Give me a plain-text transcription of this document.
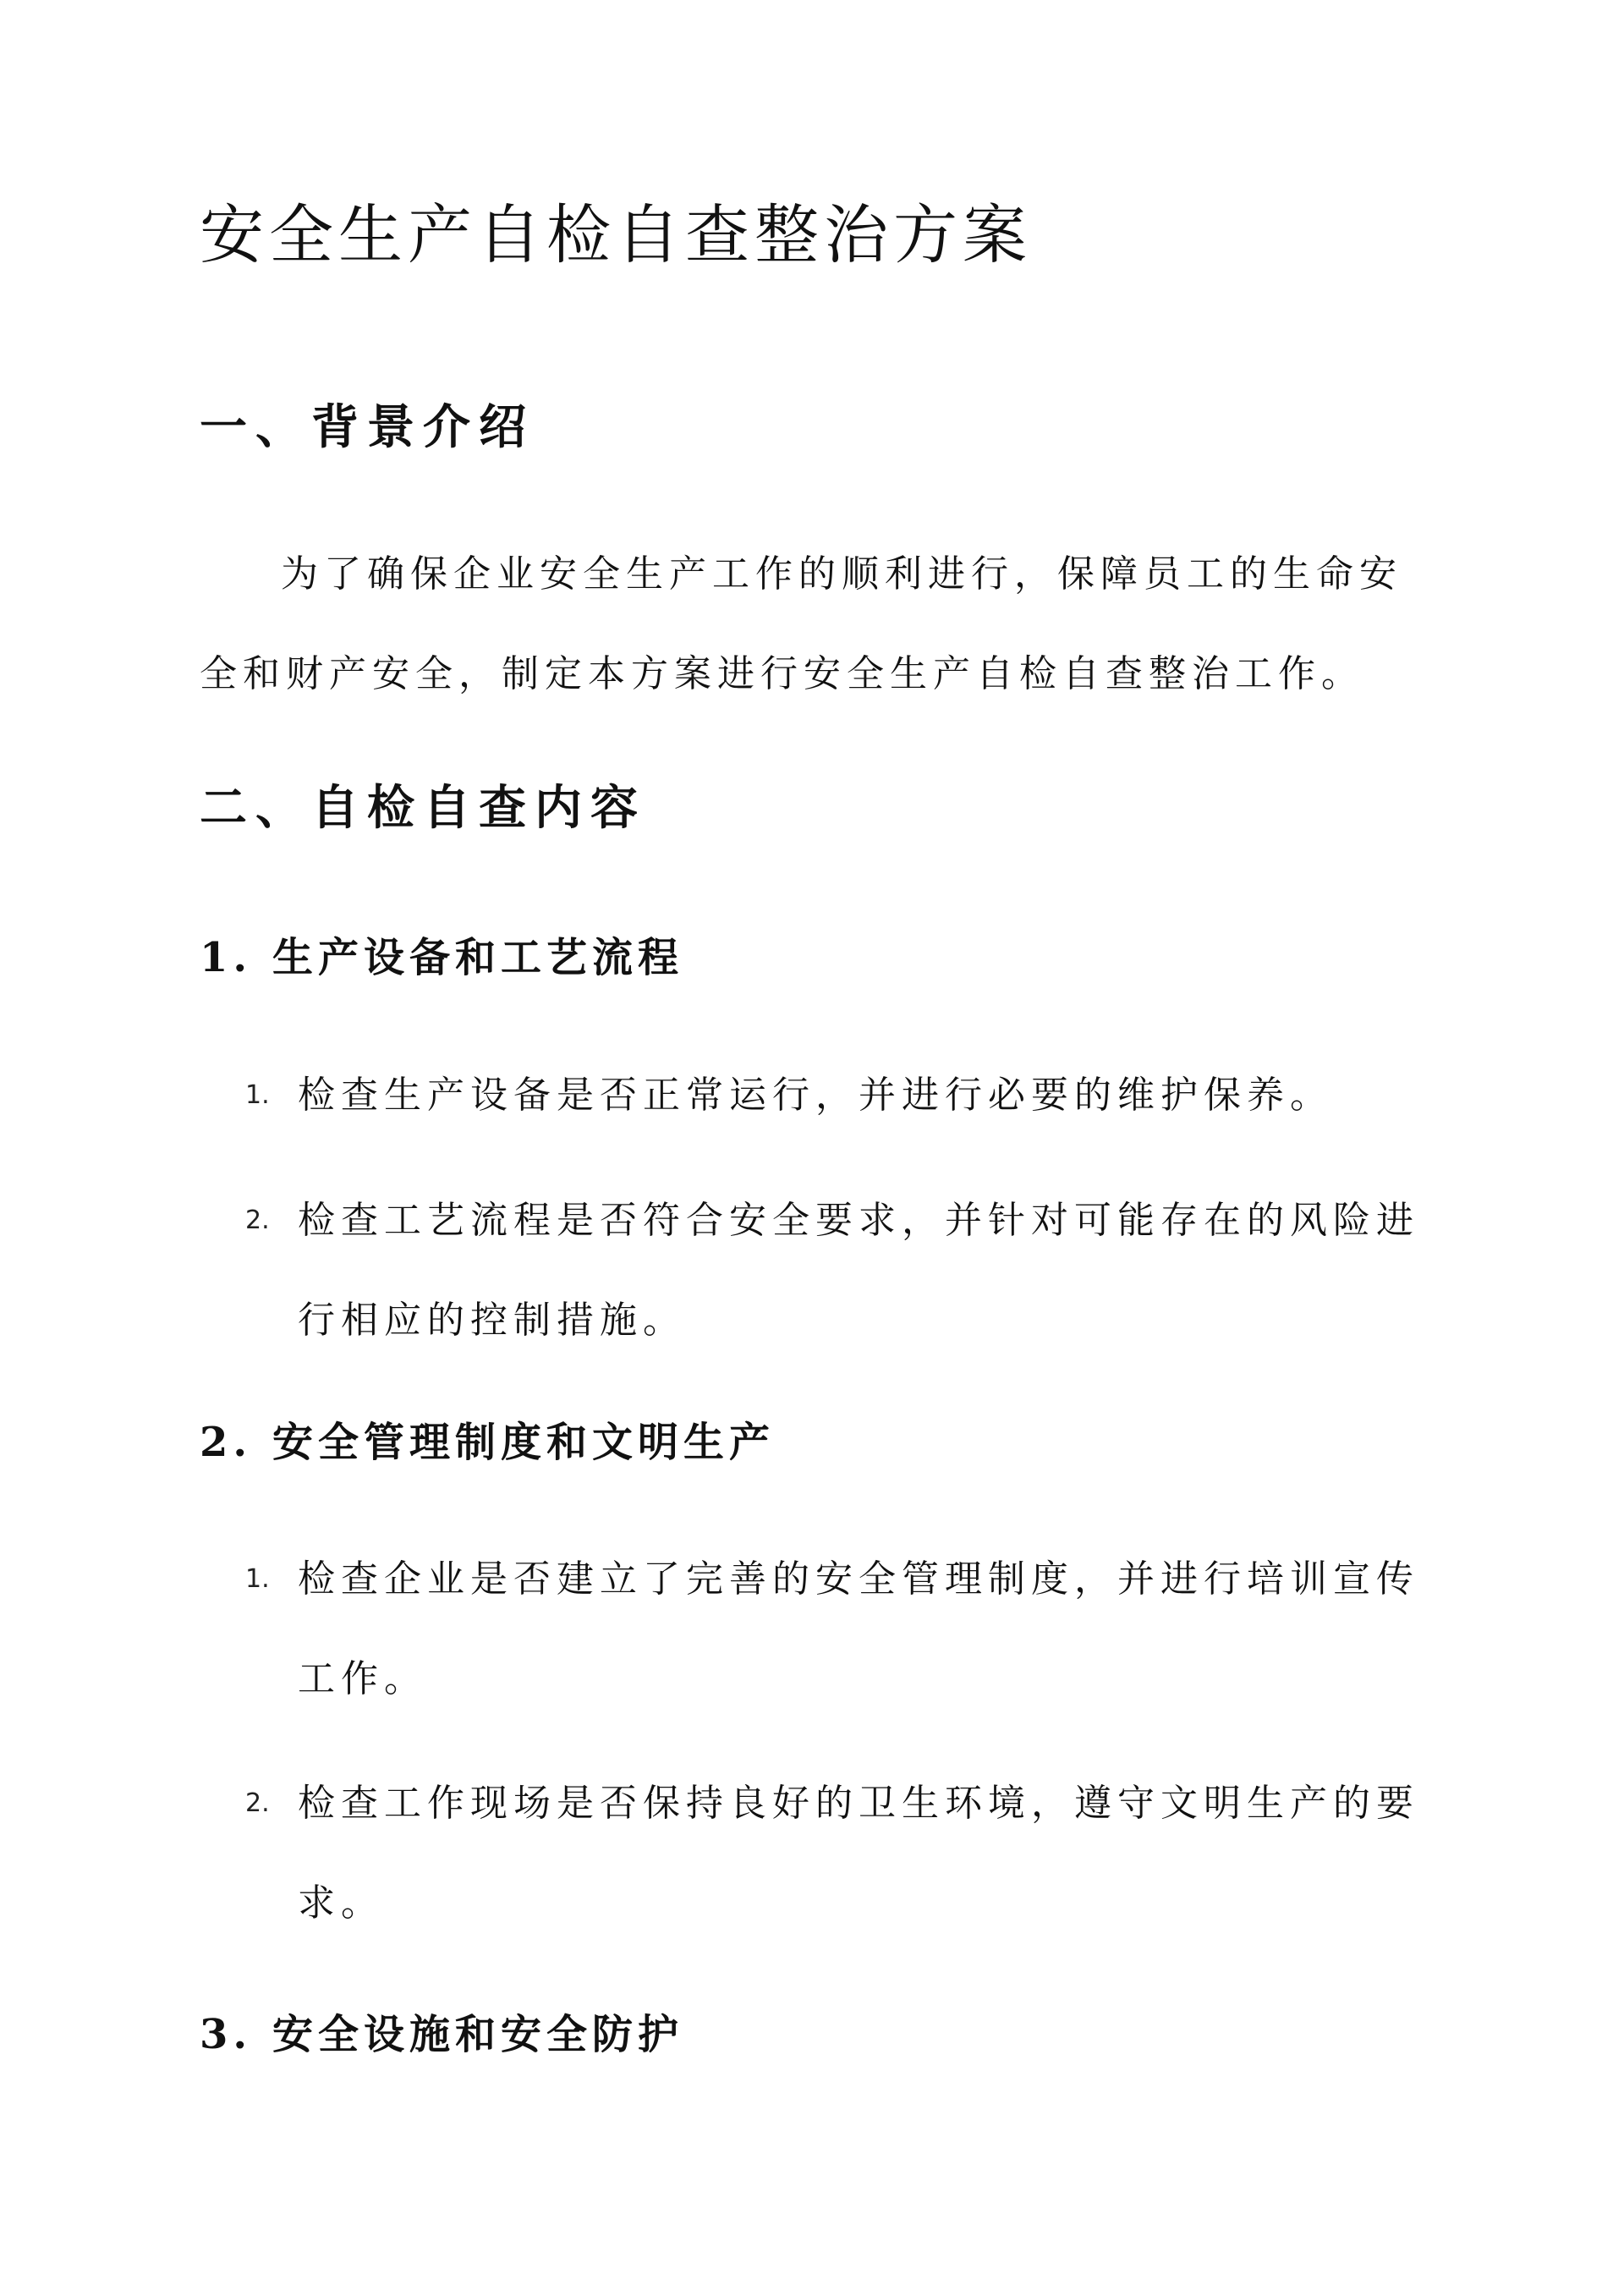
安全生产自检自查整治方案
一、背景介绍

为了确保企业安全生产工作的顺利进行，保障员工的生命安全和财产安全，制定本方案进行安全生产自检自查整治工作。

二、自检自查内容
1. 生产设备和工艺流程
1. 检查生产设备是否正常运行，并进行必要的维护保养。
2. 检查工艺流程是否符合安全要求，并针对可能存在的风险进行相应的控制措施。
2. 安全管理制度和文明生产
1. 检查企业是否建立了完善的安全管理制度，并进行培训宣传工作。
2. 检查工作现场是否保持良好的卫生环境，遵守文明生产的要求。
3. 安全设施和安全防护
